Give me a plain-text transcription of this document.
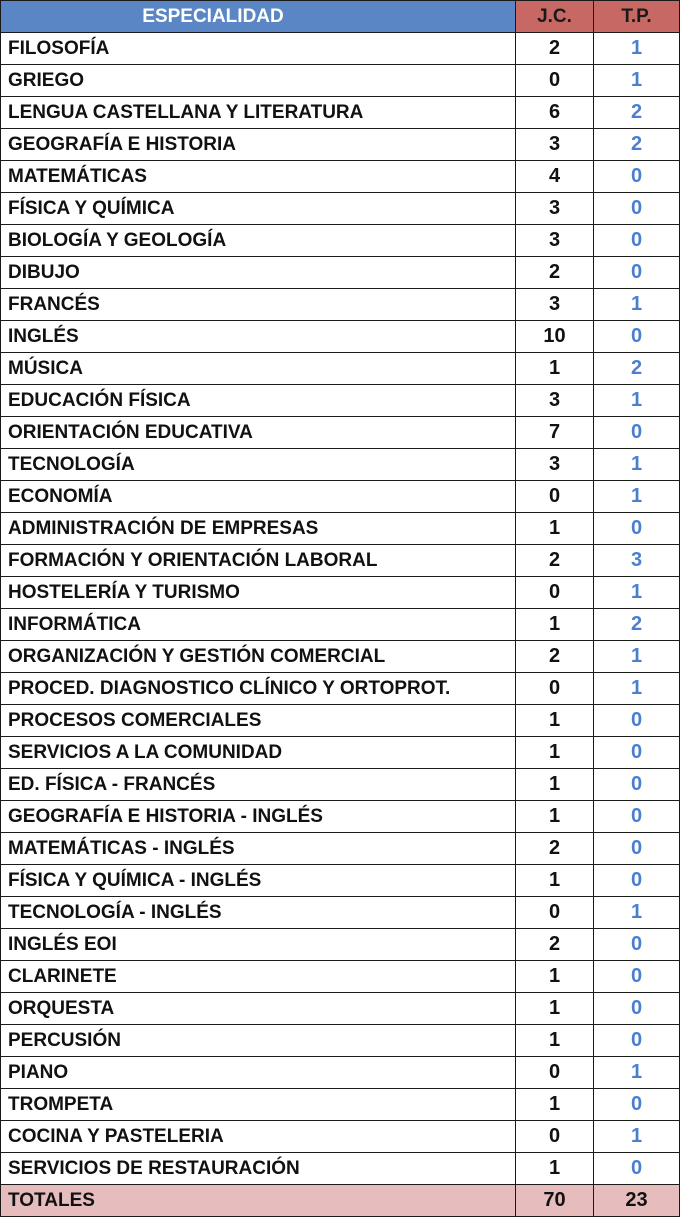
ESPECIALIDAD	J.C.	T.P.
FILOSOFÍA	2	1
GRIEGO	0	1
LENGUA CASTELLANA Y LITERATURA	6	2
GEOGRAFÍA E HISTORIA	3	2
MATEMÁTICAS	4	0
FÍSICA Y QUÍMICA	3	0
BIOLOGÍA Y GEOLOGÍA	3	0
DIBUJO	2	0
FRANCÉS	3	1
INGLÉS	10	0
MÚSICA	1	2
EDUCACIÓN FÍSICA	3	1
ORIENTACIÓN EDUCATIVA	7	0
TECNOLOGÍA	3	1
ECONOMÍA	0	1
ADMINISTRACIÓN DE EMPRESAS	1	0
FORMACIÓN Y ORIENTACIÓN LABORAL	2	3
HOSTELERÍA Y TURISMO	0	1
INFORMÁTICA	1	2
ORGANIZACIÓN Y GESTIÓN COMERCIAL	2	1
PROCED. DIAGNOSTICO CLÍNICO Y ORTOPROT.	0	1
PROCESOS COMERCIALES	1	0
SERVICIOS A LA COMUNIDAD	1	0
ED. FÍSICA - FRANCÉS	1	0
GEOGRAFÍA E HISTORIA - INGLÉS	1	0
MATEMÁTICAS - INGLÉS	2	0
FÍSICA Y QUÍMICA - INGLÉS	1	0
TECNOLOGÍA - INGLÉS	0	1
INGLÉS EOI	2	0
CLARINETE	1	0
ORQUESTA	1	0
PERCUSIÓN	1	0
PIANO	0	1
TROMPETA	1	0
COCINA Y PASTELERIA	0	1
SERVICIOS DE RESTAURACIÓN	1	0
TOTALES	70	23
